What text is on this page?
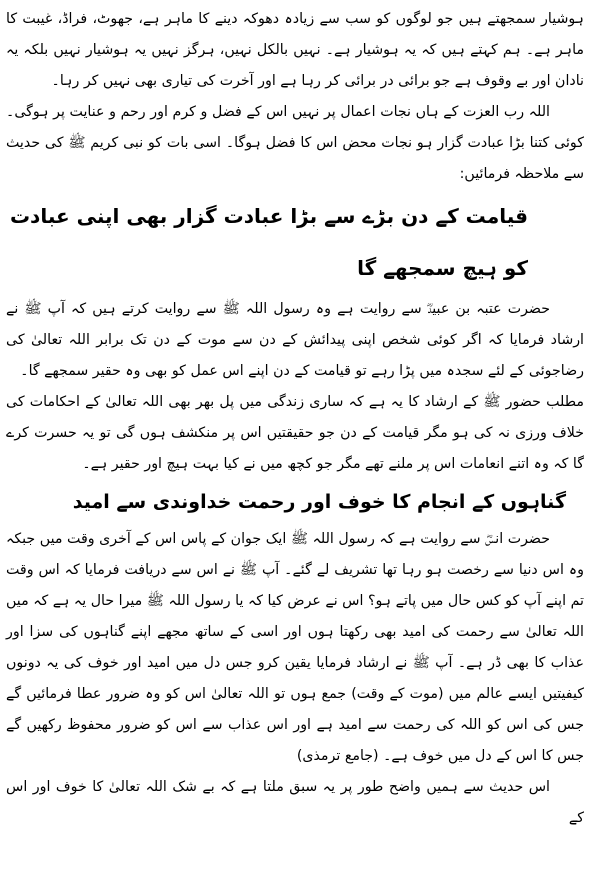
ہوشیار سمجھتے ہیں جو لوگوں کو سب سے زیادہ دھوکہ دینے کا ماہر ہے، جھوٹ، فراڈ، غیبت کا ماہر ہے۔ ہم کہتے ہیں کہ یہ ہوشیار ہے۔ نہیں بالکل نہیں، ہرگز نہیں یہ ہوشیار نہیں بلکہ یہ نادان اور بے وقوف ہے جو برائی در برائی کر رہا ہے اور آخرت کی تیاری بھی نہیں کر رہا۔

اللہ رب العزت کے ہاں نجات اعمال پر نہیں اس کے فضل و کرم اور رحم و عنایت پر ہوگی۔ کوئی کتنا بڑا عبادت گزار ہو نجات محض اس کا فضل ہوگا۔ اسی بات کو نبی کریم ﷺ کی حدیث سے ملاحظہ فرمائیں:

قیامت کے دن بڑے سے بڑا عبادت گزار بھی اپنی عبادت کو ہیچ سمجھے گا

حضرت عتبہ بن عبیدؓ سے روایت ہے وہ رسول اللہ ﷺ سے روایت کرتے ہیں کہ آپ ﷺ نے ارشاد فرمایا کہ اگر کوئی شخص اپنی پیدائش کے دن سے موت کے دن تک برابر اللہ تعالیٰ کی رضاجوئی کے لئے سجدہ میں پڑا رہے تو قیامت کے دن اپنے اس عمل کو بھی وہ حقیر سمجھے گا۔

مطلب حضور ﷺ کے ارشاد کا یہ ہے کہ ساری زندگی میں پل بھر بھی اللہ تعالیٰ کے احکامات کی خلاف ورزی نہ کی ہو مگر قیامت کے دن جو حقیقتیں اس پر منکشف ہوں گی تو یہ حسرت کرے گا کہ وہ اتنے انعامات اس پر ملنے تھے مگر جو کچھ میں نے کیا بہت ہیچ اور حقیر ہے۔

گناہوں کے انجام کا خوف اور رحمت خداوندی سے امید

حضرت انسؓ سے روایت ہے کہ رسول اللہ ﷺ ایک جوان کے پاس اس کے آخری وقت میں جبکہ وہ اس دنیا سے رخصت ہو رہا تھا تشریف لے گئے۔ آپ ﷺ نے اس سے دریافت فرمایا کہ اس وقت تم اپنے آپ کو کس حال میں پاتے ہو؟ اس نے عرض کیا کہ یا رسول اللہ ﷺ میرا حال یہ ہے کہ میں اللہ تعالیٰ سے رحمت کی امید بھی رکھتا ہوں اور اسی کے ساتھ مجھے اپنے گناہوں کی سزا اور عذاب کا بھی ڈر ہے۔ آپ ﷺ نے ارشاد فرمایا یقین کرو جس دل میں امید اور خوف کی یہ دونوں کیفیتیں ایسے عالم میں (موت کے وقت) جمع ہوں تو اللہ تعالیٰ اس کو وہ ضرور عطا فرمائیں گے جس کی اس کو اللہ کی رحمت سے امید ہے اور اس عذاب سے اس کو ضرور محفوظ رکھیں گے جس کا اس کے دل میں خوف ہے۔ (جامع ترمذی)

اس حدیث سے ہمیں واضح طور پر یہ سبق ملتا ہے کہ بے شک اللہ تعالیٰ کا خوف اور اس کے
